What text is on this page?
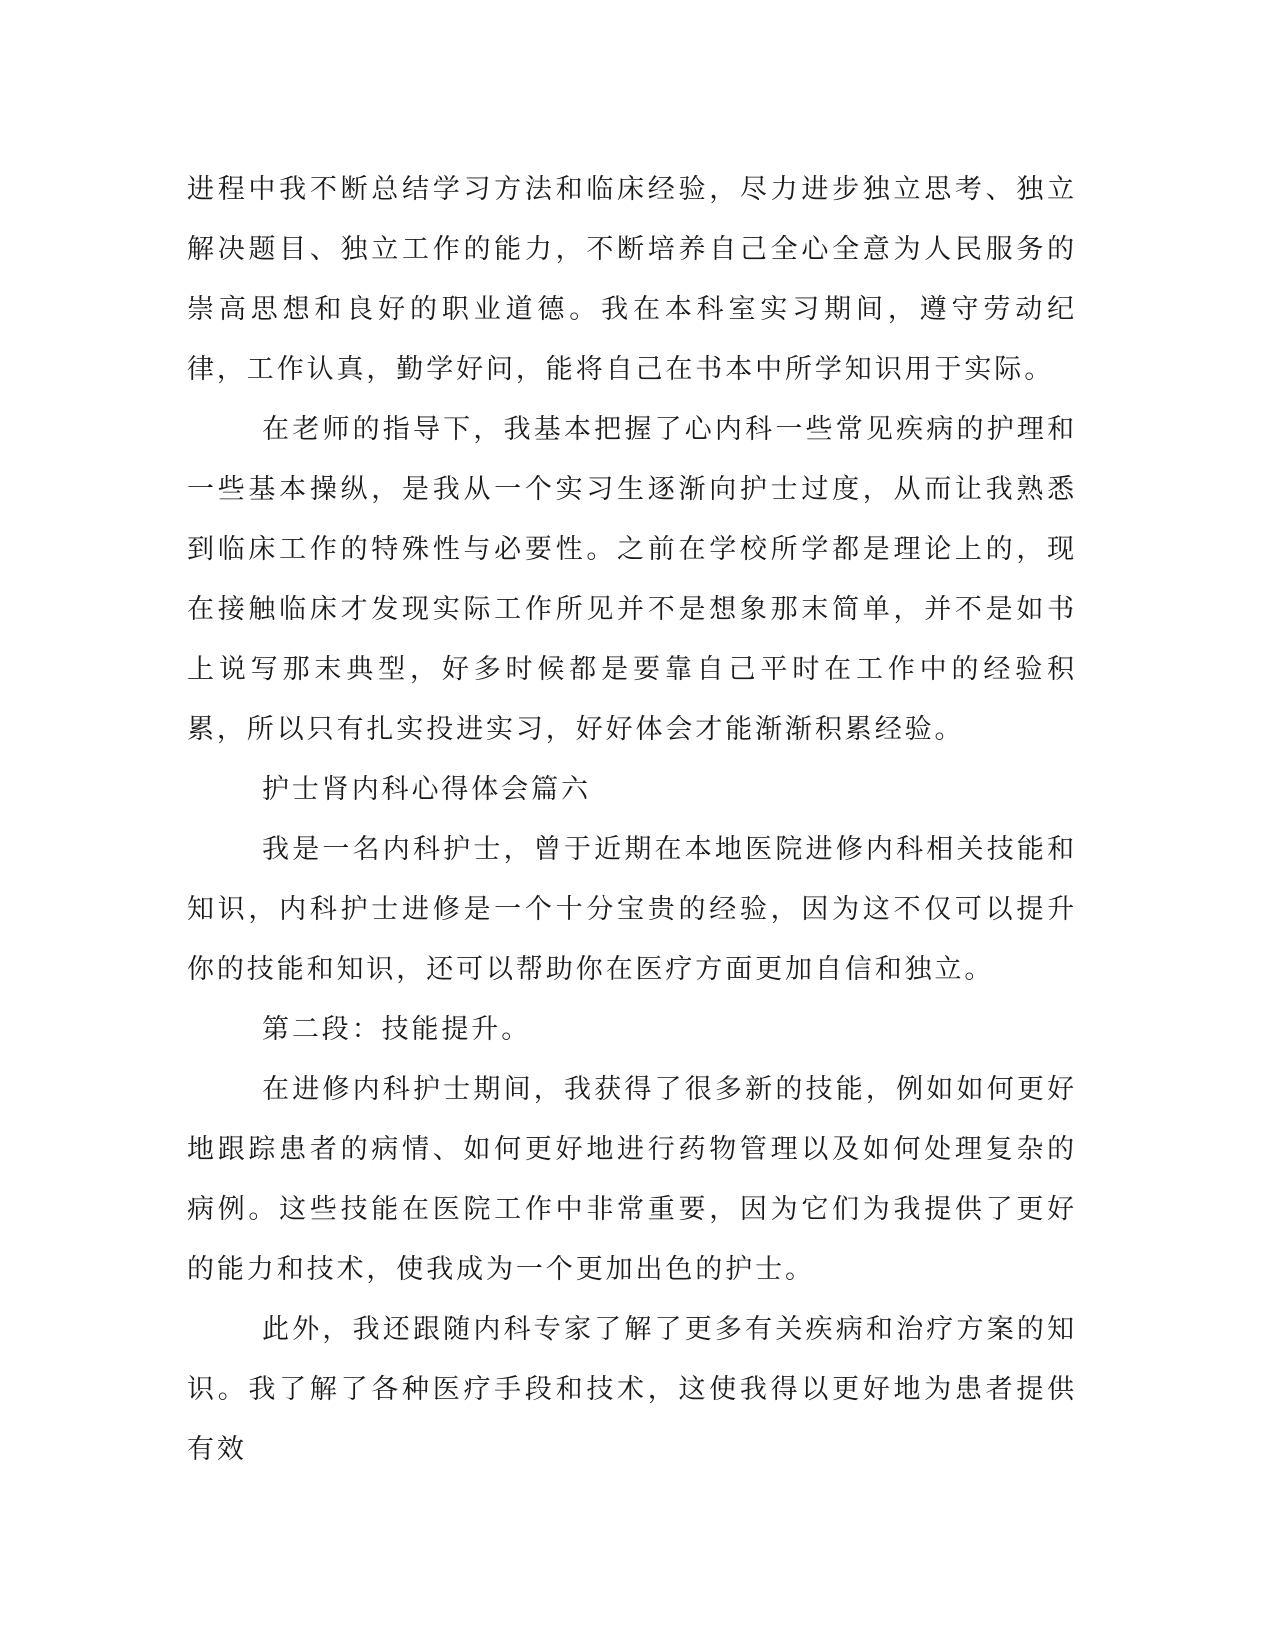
进程中我不断总结学习方法和临床经验，尽力进步独立思考、独立解决题目、独立工作的能力，不断培养自己全心全意为人民服务的崇高思想和良好的职业道德。我在本科室实习期间，遵守劳动纪律，工作认真，勤学好问，能将自己在书本中所学知识用于实际。

在老师的指导下，我基本把握了心内科一些常见疾病的护理和一些基本操纵，是我从一个实习生逐渐向护士过度，从而让我熟悉到临床工作的特殊性与必要性。之前在学校所学都是理论上的，现在接触临床才发现实际工作所见并不是想象那末简单，并不是如书上说写那末典型，好多时候都是要靠自己平时在工作中的经验积累，所以只有扎实投进实习，好好体会才能渐渐积累经验。

护士肾内科心得体会篇六

我是一名内科护士，曾于近期在本地医院进修内科相关技能和知识，内科护士进修是一个十分宝贵的经验，因为这不仅可以提升你的技能和知识，还可以帮助你在医疗方面更加自信和独立。

第二段：技能提升。

在进修内科护士期间，我获得了很多新的技能，例如如何更好地跟踪患者的病情、如何更好地进行药物管理以及如何处理复杂的病例。这些技能在医院工作中非常重要，因为它们为我提供了更好的能力和技术，使我成为一个更加出色的护士。

此外，我还跟随内科专家了解了更多有关疾病和治疗方案的知识。我了解了各种医疗手段和技术，这使我得以更好地为患者提供有效
